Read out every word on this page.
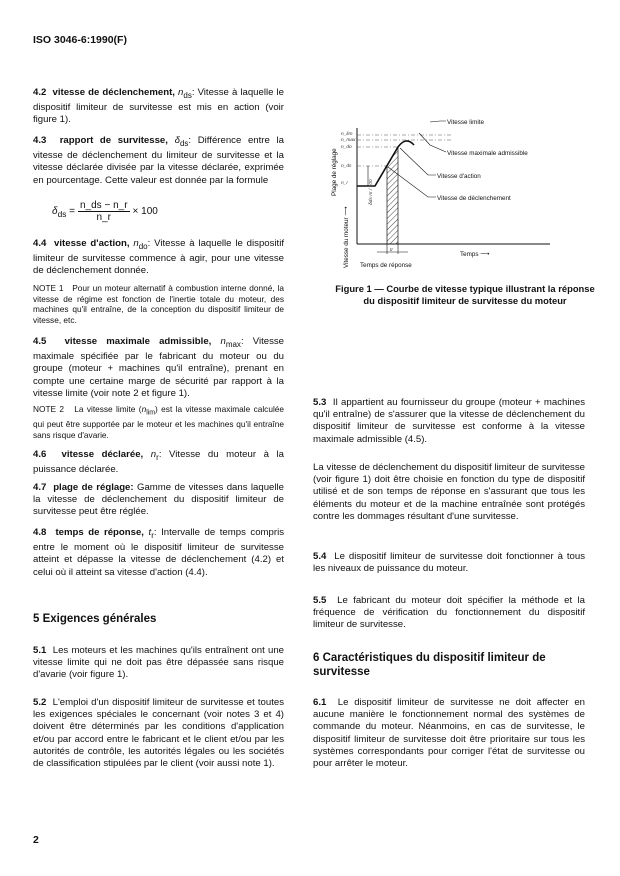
ISO 3046-6:1990(F)

4.2 vitesse de déclenchement, $n_{ds}$: Vitesse à laquelle le dispositif limiteur de survitesse est mis en action (voir figure 1).

4.3 rapport de survitesse, $\delta_{ds}$: Différence entre la vitesse de déclenchement du limiteur de survitesse et la vitesse déclarée divisée par la vitesse déclarée, exprimée en pourcentage. Cette valeur est donnée par la formule

$\delta_{ds} = \frac{n\_ds - n\_r}{n\_r} \times 100$

4.4 vitesse d'action, $n_{do}$: Vitesse à laquelle le dispositif limiteur de survitesse commence à agir, pour une vitesse de déclenchement donnée.

NOTE 1 Pour un moteur alternatif à combustion interne donné, la vitesse de régime est fonction de l'inertie totale du moteur, des machines qu'il entraîne, de la conception du dispositif limiteur de vitesse, etc.

4.5 vitesse maximale admissible, $n_{max}$: Vitesse maximale spécifiée par le fabricant du moteur ou du groupe (moteur + machines qu'il entraîne), prenant en compte une certaine marge de sécurité par rapport à la vitesse limite (voir note 2 et figure 1).

NOTE 2 La vitesse limite $(n_{lim})$ est la vitesse maximale calculée qui peut être supportée par le moteur et les machines qu'il entraîne sans risque d'avarie.

4.6 vitesse déclarée, $n_r$: Vitesse du moteur à la puissance déclarée.

4.7 plage de réglage: Gamme de vitesses dans laquelle la vitesse de déclenchement du dispositif limiteur de survitesse peut être réglée.

4.8 temps de réponse, $t_r$: Intervalle de temps compris entre le moment où le dispositif limiteur de survitesse atteint et dépasse la vitesse de déclenchement (4.2) et celui où il atteint sa vitesse d'action (4.4).

5 Exigences générales

5.1 Les moteurs et les machines qu'ils entraînent ont une vitesse limite qui ne doit pas être dépassée sans risque d'avarie (voir figure 1).

5.2 L'emploi d'un dispositif limiteur de survitesse et toutes les exigences spéciales le concernant (voir notes 3 et 4) doivent être déterminés par les conditions d'application et/ou par accord entre le fabricant et le client et/ou par les autorités de contrôle, les autorités légales ou les sociétés de classification stipulées par le client (voir aussi note 1).

2
n_lim
n_max
n_do
n_ds
n_r
tr
δds·nr / 100
Vitesse limite
Vitesse maximale admissible
Vitesse d'action
Vitesse de déclenchement
Temps ⟶
Temps de réponse
Vitesse du moteur ⟶
Plage de réglage
Figure 1 — Courbe de vitesse typique illustrant la réponse du dispositif limiteur de survitesse du moteur

5.3 Il appartient au fournisseur du groupe (moteur + machines qu'il entraîne) de s'assurer que la vitesse de déclenchement du dispositif limiteur de survitesse est conforme à la vitesse maximale admissible (4.5).

La vitesse de déclenchement du dispositif limiteur de survitesse (voir figure 1) doit être choisie en fonction du type de dispositif utilisé et de son temps de réponse en s'assurant que tous les éléments du moteur et de la machine entraînée sont protégés contre les dommages résultant d'une survitesse.

5.4 Le dispositif limiteur de survitesse doit fonctionner à tous les niveaux de puissance du moteur.

5.5 Le fabricant du moteur doit spécifier la méthode et la fréquence de vérification du fonctionnement du dispositif limiteur de survitesse.

6 Caractéristiques du dispositif limiteur de survitesse

6.1 Le dispositif limiteur de survitesse ne doit affecter en aucune manière le fonctionnement normal des systèmes de commande du moteur. Néanmoins, en cas de survitesse, le dispositif limiteur de survitesse doit être prioritaire sur tous les systèmes correspondants pour corriger l'état de survitesse ou pour arrêter le moteur.
